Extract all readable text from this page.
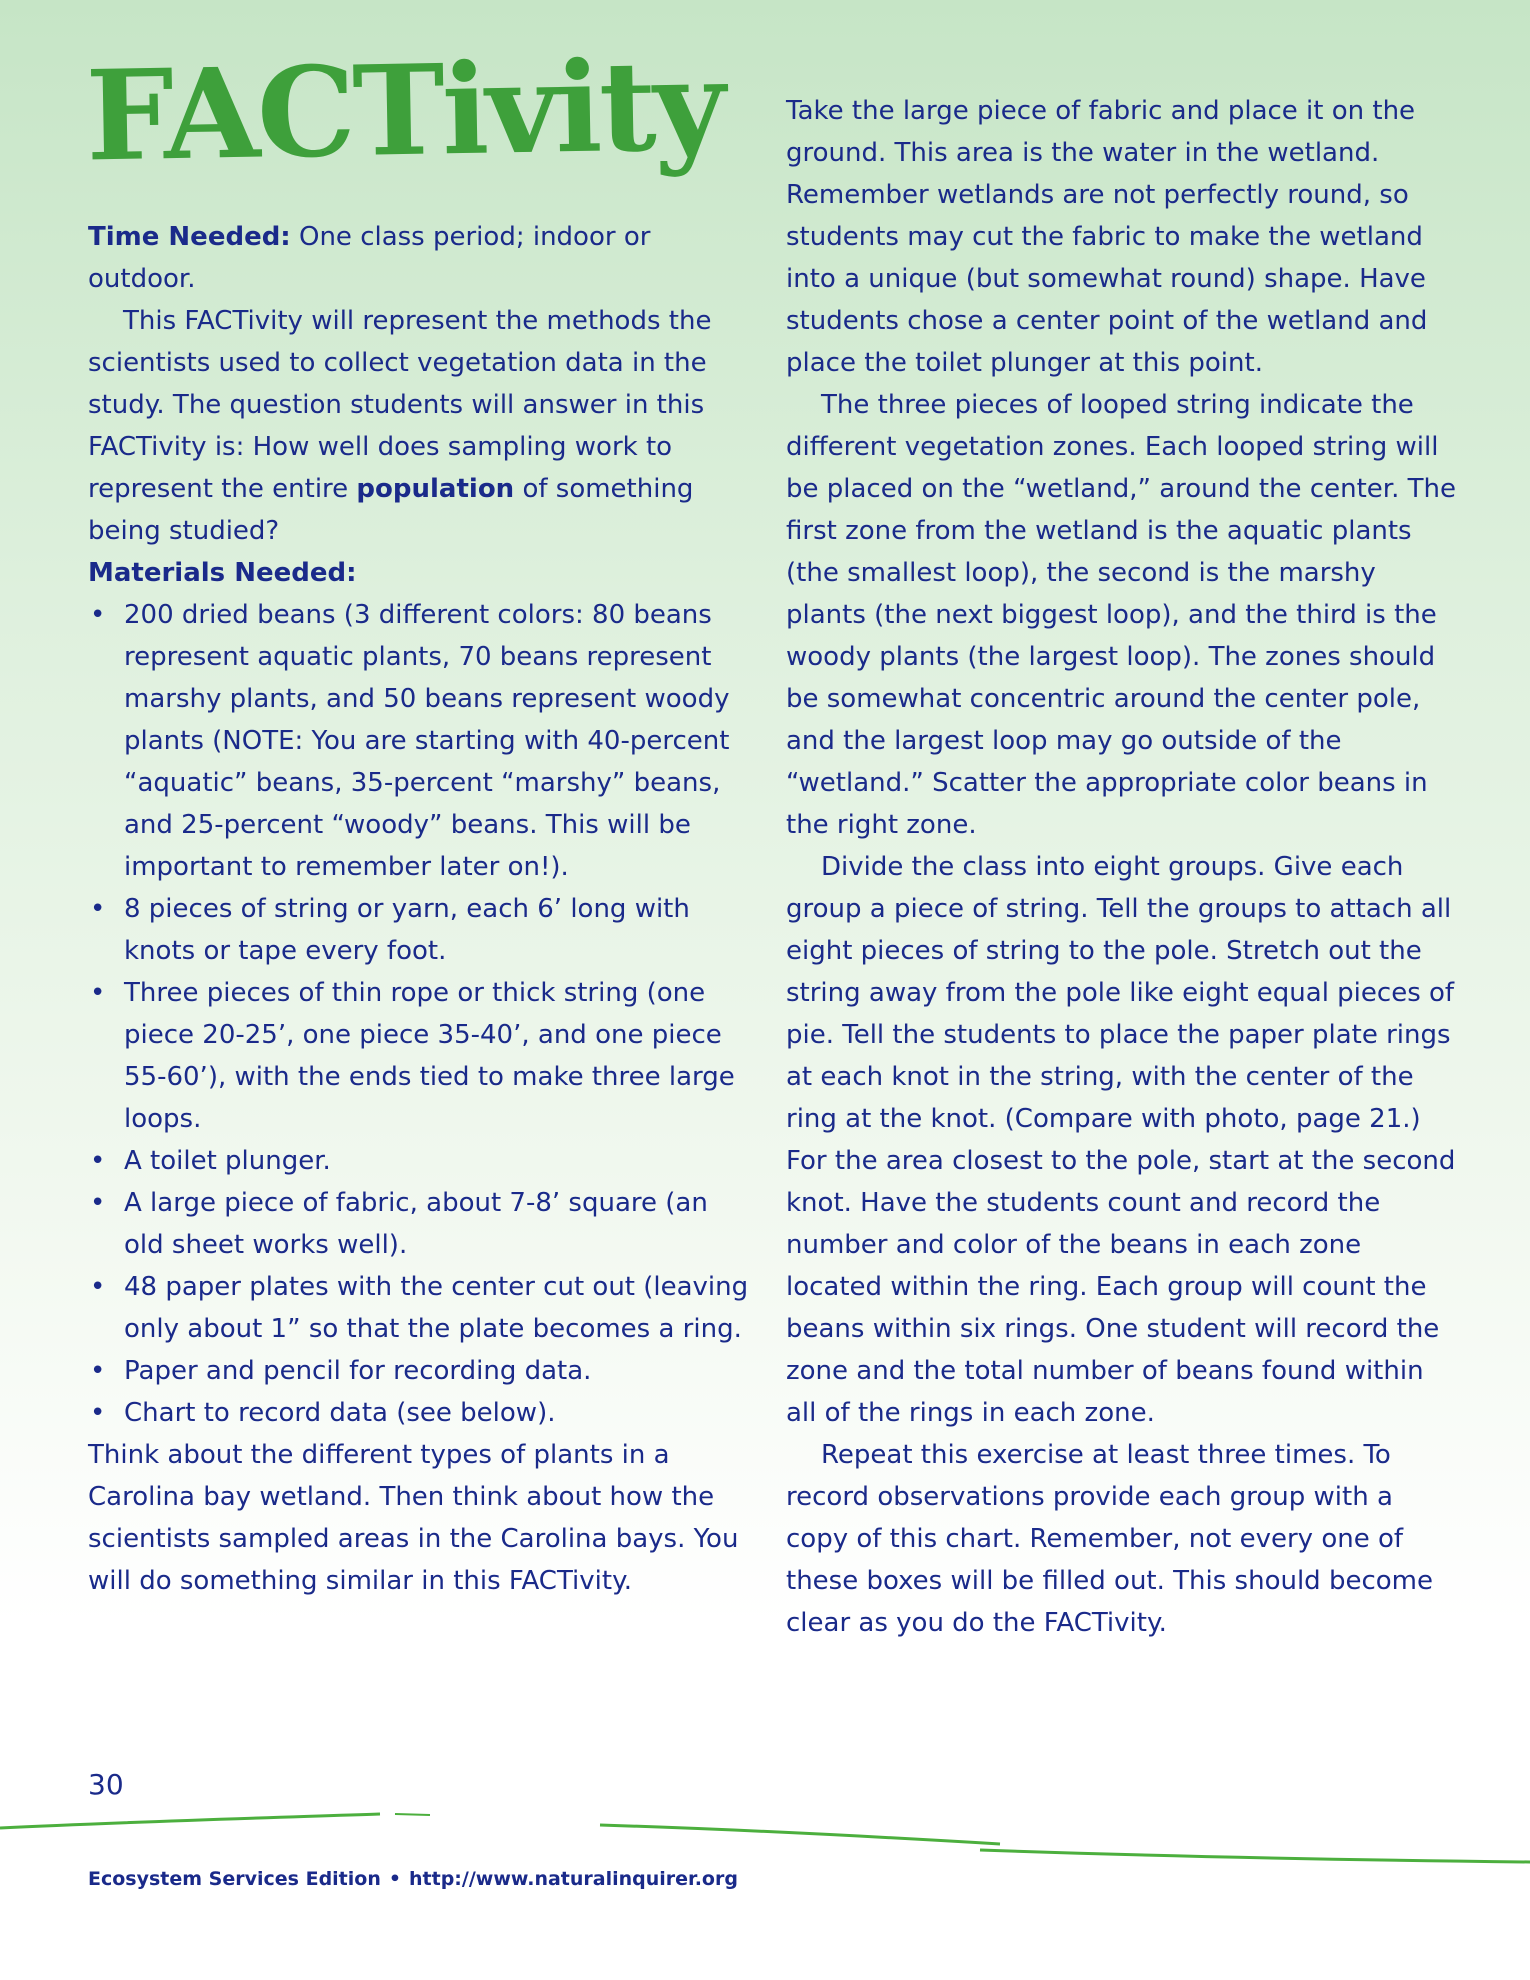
FACTivity

Time Needed: One class period; indoor or outdoor.

This FACTivity will represent the methods the scientists used to collect vegetation data in the study. The question students will answer in this FACTivity is: How well does sampling work to represent the entire population of something being studied?

Materials Needed:

• 200 dried beans (3 different colors: 80 beans represent aquatic plants, 70 beans represent marshy plants, and 50 beans represent woody plants (NOTE: You are starting with 40-percent “aquatic” beans, 35-percent “marshy” beans, and 25-percent “woody” beans. This will be important to remember later on!).
• 8 pieces of string or yarn, each 6’ long with knots or tape every foot.
• Three pieces of thin rope or thick string (one piece 20-25’, one piece 35-40’, and one piece 55-60’), with the ends tied to make three large loops.
• A toilet plunger.
• A large piece of fabric, about 7-8’ square (an old sheet works well).
• 48 paper plates with the center cut out (leaving only about 1” so that the plate becomes a ring.
• Paper and pencil for recording data.
• Chart to record data (see below).

Think about the different types of plants in a Carolina bay wetland. Then think about how the scientists sampled areas in the Carolina bays. You will do something similar in this FACTivity.

Take the large piece of fabric and place it on the ground. This area is the water in the wetland. Remember wetlands are not perfectly round, so students may cut the fabric to make the wetland into a unique (but somewhat round) shape. Have students chose a center point of the wetland and place the toilet plunger at this point.

The three pieces of looped string indicate the different vegetation zones. Each looped string will be placed on the “wetland,” around the center. The first zone from the wetland is the aquatic plants (the smallest loop), the second is the marshy plants (the next biggest loop), and the third is the woody plants (the largest loop). The zones should be somewhat concentric around the center pole, and the largest loop may go outside of the “wetland.” Scatter the appropriate color beans in the right zone.

Divide the class into eight groups. Give each group a piece of string. Tell the groups to attach all eight pieces of string to the pole. Stretch out the string away from the pole like eight equal pieces of pie. Tell the students to place the paper plate rings at each knot in the string, with the center of the ring at the knot. (Compare with photo, page 21.) For the area closest to the pole, start at the second knot. Have the students count and record the number and color of the beans in each zone located within the ring. Each group will count the beans within six rings. One student will record the zone and the total number of beans found within all of the rings in each zone.

Repeat this exercise at least three times. To record observations provide each group with a copy of this chart. Remember, not every one of these boxes will be filled out. This should become clear as you do the FACTivity.

30
Ecosystem Services Edition • http://www.naturalinquirer.org
